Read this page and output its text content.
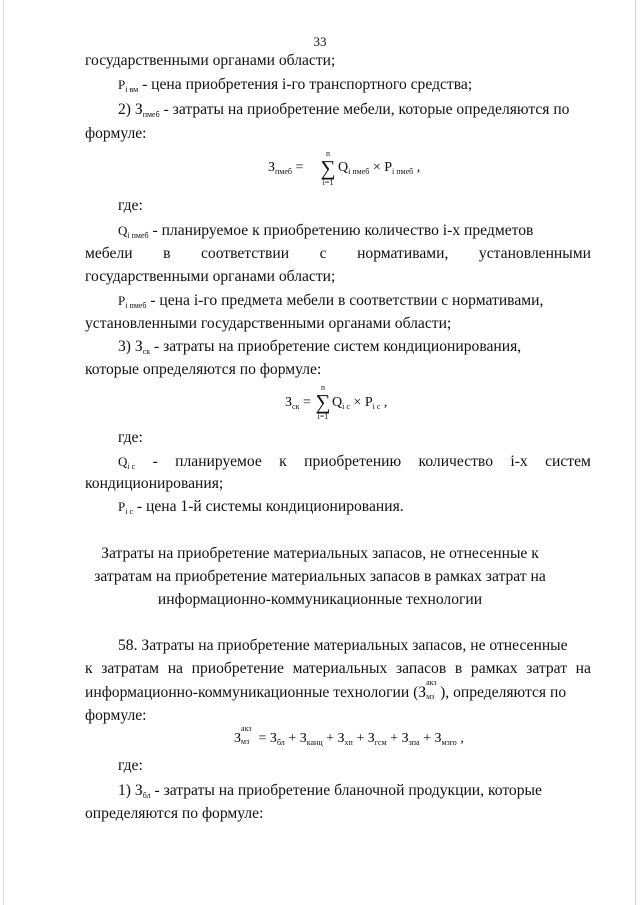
33
государственными органами области;
$P_{i вм}$ - цена приобретения i-го транспортного средства;
2) $З_{пмеб}$ - затраты на приобретение мебели, которые определяются по
формуле:
$З_{пмеб}$ =
n
∑
i=1
$Q_{i пмеб} \times P_{i пмеб}$ ,
где:
$Q_{i пмеб}$ - планируемое к приобретению количество i-х предметов
мебели в соответствии с нормативами, установленными
государственными органами области;
$P_{i пмеб}$ - цена i-го предмета мебели в соответствии с нормативами,
установленными государственными органами области;
3) $З_{ск}$ - затраты на приобретение систем кондиционирования,
которые определяются по формуле:
$З_{ск}$ =
n
∑
i=1
$Q_{i с} \times P_{i с}$ ,
где:
$Q_{i с}$ - планируемое к приобретению количество i-х систем
кондиционирования;
$P_{i с}$ - цена 1-й системы кондиционирования.
Затраты на приобретение материальных запасов, не отнесенные к
затратам на приобретение материальных запасов в рамках затрат на
информационно-коммуникационные технологии
58. Затраты на приобретение материальных запасов, не отнесенные
к затратам на приобретение материальных запасов в рамках затрат на
информационно-коммуникационные технологии (З
акз
мз ), определяются по
формуле:
З
акз
мз = $З_{бл} + З_{канц} + З_{хп} + З_{гсм} + З_{зпа} + З_{мзго}$ ,
где:
1) $З_{бл}$ - затраты на приобретение бланочной продукции, которые
определяются по формуле:
